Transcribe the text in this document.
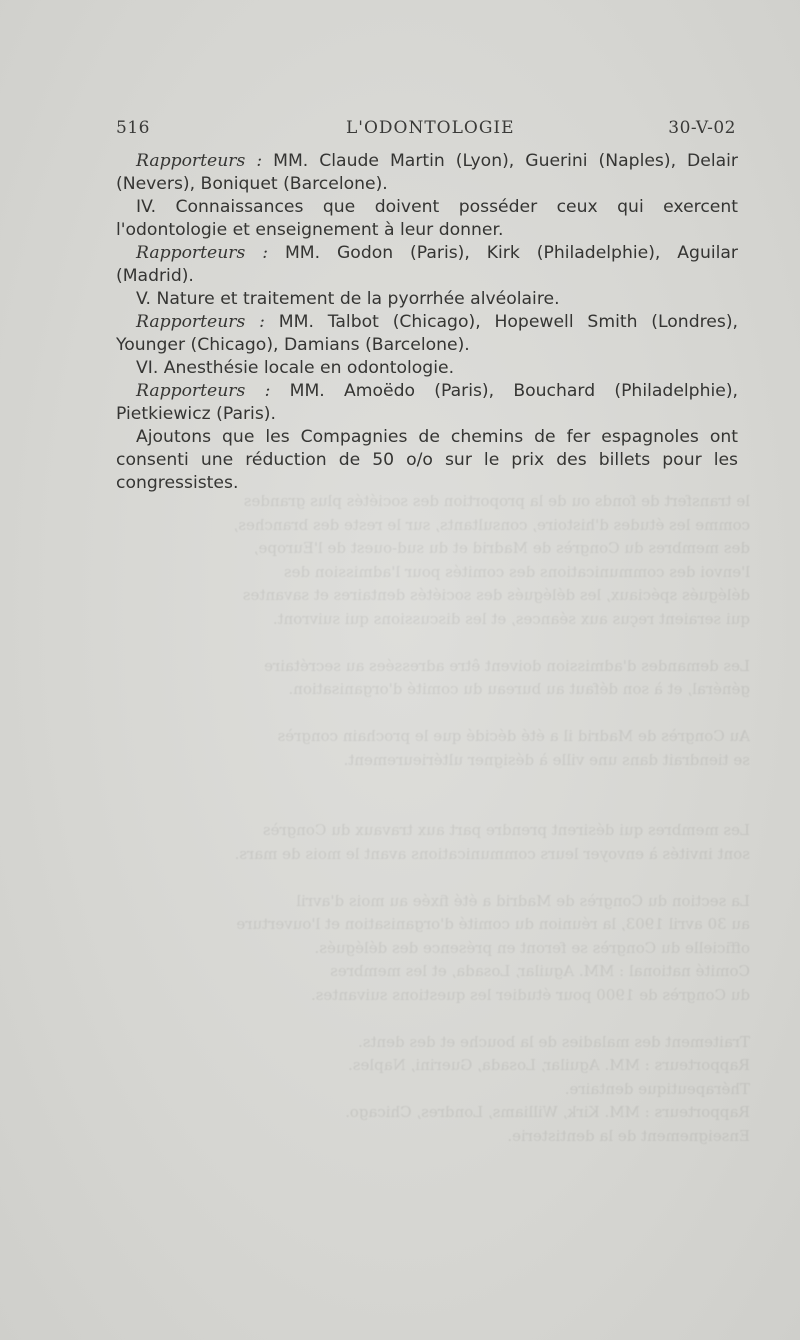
le transfert de fonds ou de la proportion des sociétés plus grandes
comme les études d'histoire, consultants, sur le reste des branches,
des membres du Congrès de Madrid et du sud-ouest de l'Europe,
l'envoi des communications des comités pour l'admission des
délégués spéciaux, les délégués des sociétés dentaires et savantes
qui seraient reçus aux séances, et les discussions qui suivront.

Les demandes d'admission doivent être adressées au secrétaire
général, et à son défaut au bureau du comité d'organisation.

Au Congrès de Madrid il a été décidé que le prochain congrès
se tiendrait dans une ville à désigner ultérieurement.

Les membres qui désirent prendre part aux travaux du Congrès
sont invités à envoyer leurs communications avant le mois de mars.

La section du Congrès de Madrid a été fixée au mois d'avril
au 30 avril 1903, la réunion du comité d'organisation et l'ouverture
officielle du Congrès se feront en présence des délégués.
Comité national : MM. Aguilar, Losada, et les membres
du Congrès de 1900 pour étudier les questions suivantes.

Traitement des maladies de la bouche et des dents.
Rapporteurs : MM. Aguilar, Losada, Guerini, Naples.
Thérapeutique dentaire.
Rapporteurs : MM. Kirk, Williams, Londres, Chicago.
Enseignement de la dentisterie.
516	L'ODONTOLOGIE	30-V-02

Rapporteurs : MM. Claude Martin (Lyon), Guerini (Naples), Delair (Nevers), Boniquet (Barcelone).

IV. Connaissances que doivent posséder ceux qui exercent l'odontologie et enseignement à leur donner.

Rapporteurs : MM. Godon (Paris), Kirk (Philadelphie), Aguilar (Madrid).

V. Nature et traitement de la pyorrhée alvéolaire.

Rapporteurs : MM. Talbot (Chicago), Hopewell Smith (Londres), Younger (Chicago), Damians (Barcelone).

VI. Anesthésie locale en odontologie.

Rapporteurs : MM. Amoëdo (Paris), Bouchard (Philadelphie), Pietkiewicz (Paris).

Ajoutons que les Compagnies de chemins de fer espagnoles ont consenti une réduction de 50 o/o sur le prix des billets pour les congressistes.
